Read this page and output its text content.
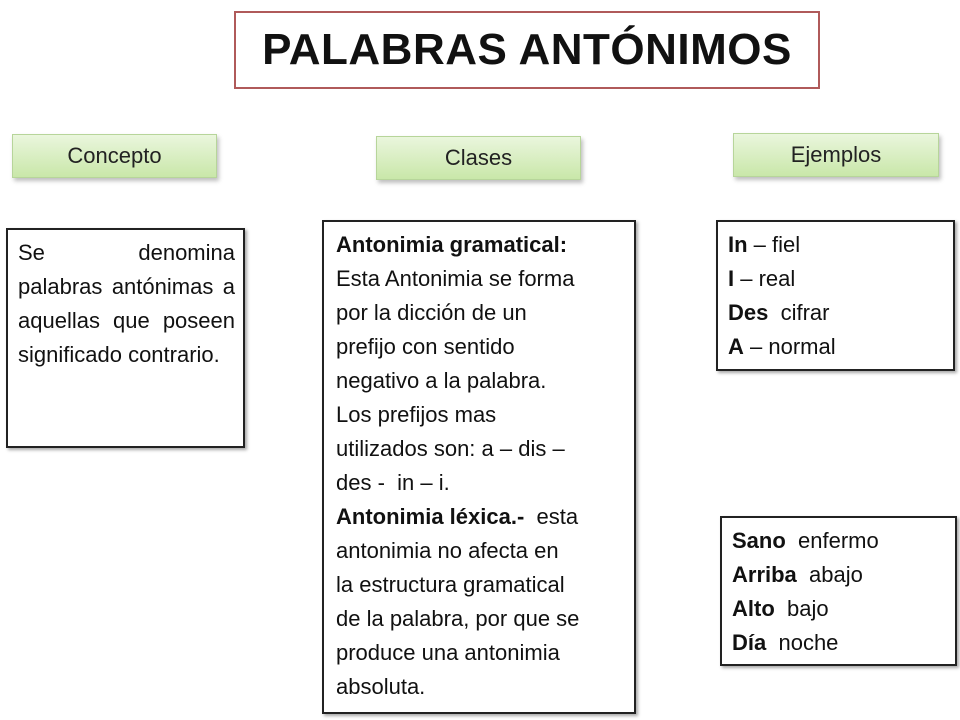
PALABRAS ANTÓNIMOS
Concepto	Clases	Ejemplos
Se denomina palabras antónimas a aquellas que poseen significado contrario.
Antonimia gramatical:
Esta Antonimia se forma
por la dicción de un
prefijo con sentido
negativo a la palabra.
Los prefijos mas
utilizados son: a – dis –
des -  in – i.
Antonimia léxica.-  esta
antonimia no afecta en
la estructura gramatical
de la palabra, por que se
produce una antonimia
absoluta.
In – fiel
I – real
Des  cifrar
A – normal
Sano  enfermo
Arriba  abajo
Alto  bajo
Día  noche
